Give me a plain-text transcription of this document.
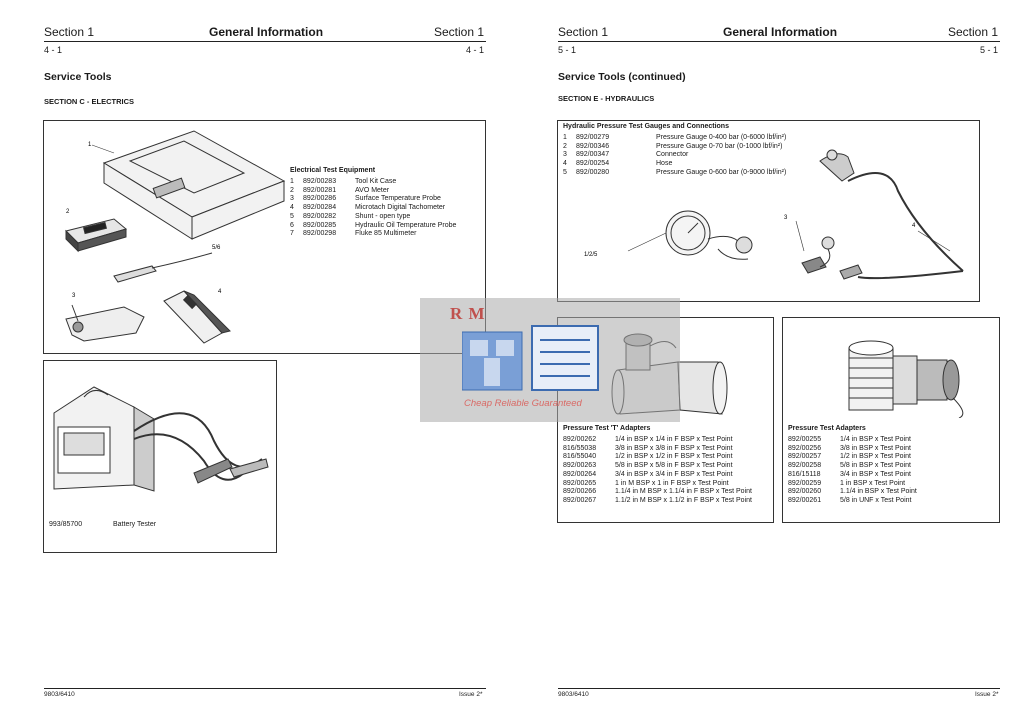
Section 1	General Information	Section 1
4 - 1	4 - 1
Service Tools
SECTION C - ELECTRICS
1
2
5/6
3
4
Electrical Test Equipment
1	892/00283	Tool Kit Case
2	892/00281	AVO Meter
3	892/00286	Surface Temperature Probe
4	892/00284	Microtach Digital Tachometer
5	892/00282	Shunt - open type
6	892/00285	Hydraulic Oil Temperature Probe
7	892/00298	Fluke 85 Multimeter
993/85700	Battery Tester
9803/6410	Issue 2*
Section 1	General Information	Section 1
5 - 1	5 - 1
Service Tools (continued)
SECTION E - HYDRAULICS
Hydraulic Pressure Test Gauges and Connections
1	892/00279	Pressure Gauge 0-400 bar (0-6000 lbf/in²)
2	892/00346	Pressure Gauge 0-70 bar (0-1000 lbf/in²)
3	892/00347	Connector
4	892/00254	Hose
5	892/00280	Pressure Gauge 0-600 bar (0-9000 lbf/in²)
1/2/5
3
4
Pressure Test 'T' Adapters
892/00262	1/4 in BSP x 1/4 in F BSP x Test Point
816/55038	3/8 in BSP x 3/8 in F BSP x Test Point
816/55040	1/2 in BSP x 1/2 in F BSP x Test Point
892/00263	5/8 in BSP x 5/8 in F BSP x Test Point
892/00264	3/4 in BSP x 3/4 in F BSP x Test Point
892/00265	1 in M BSP x 1 in F BSP x Test Point
892/00266	1.1/4 in M BSP x 1.1/4 in F BSP x Test Point
892/00267	1.1/2 in M BSP x 1.1/2 in F BSP x Test Point
Pressure Test Adapters
892/00255	1/4 in BSP x Test Point
892/00256	3/8 in BSP x Test Point
892/00257	1/2 in BSP x Test Point
892/00258	5/8 in BSP x Test Point
816/15118	3/4 in BSP x Test Point
892/00259	1 in BSP x Test Point
892/00260	1.1/4 in BSP x Test Point
892/00261	5/8 in UNF x Test Point
9803/6410	Issue 2*
R M
Cheap Reliable Guaranteed
